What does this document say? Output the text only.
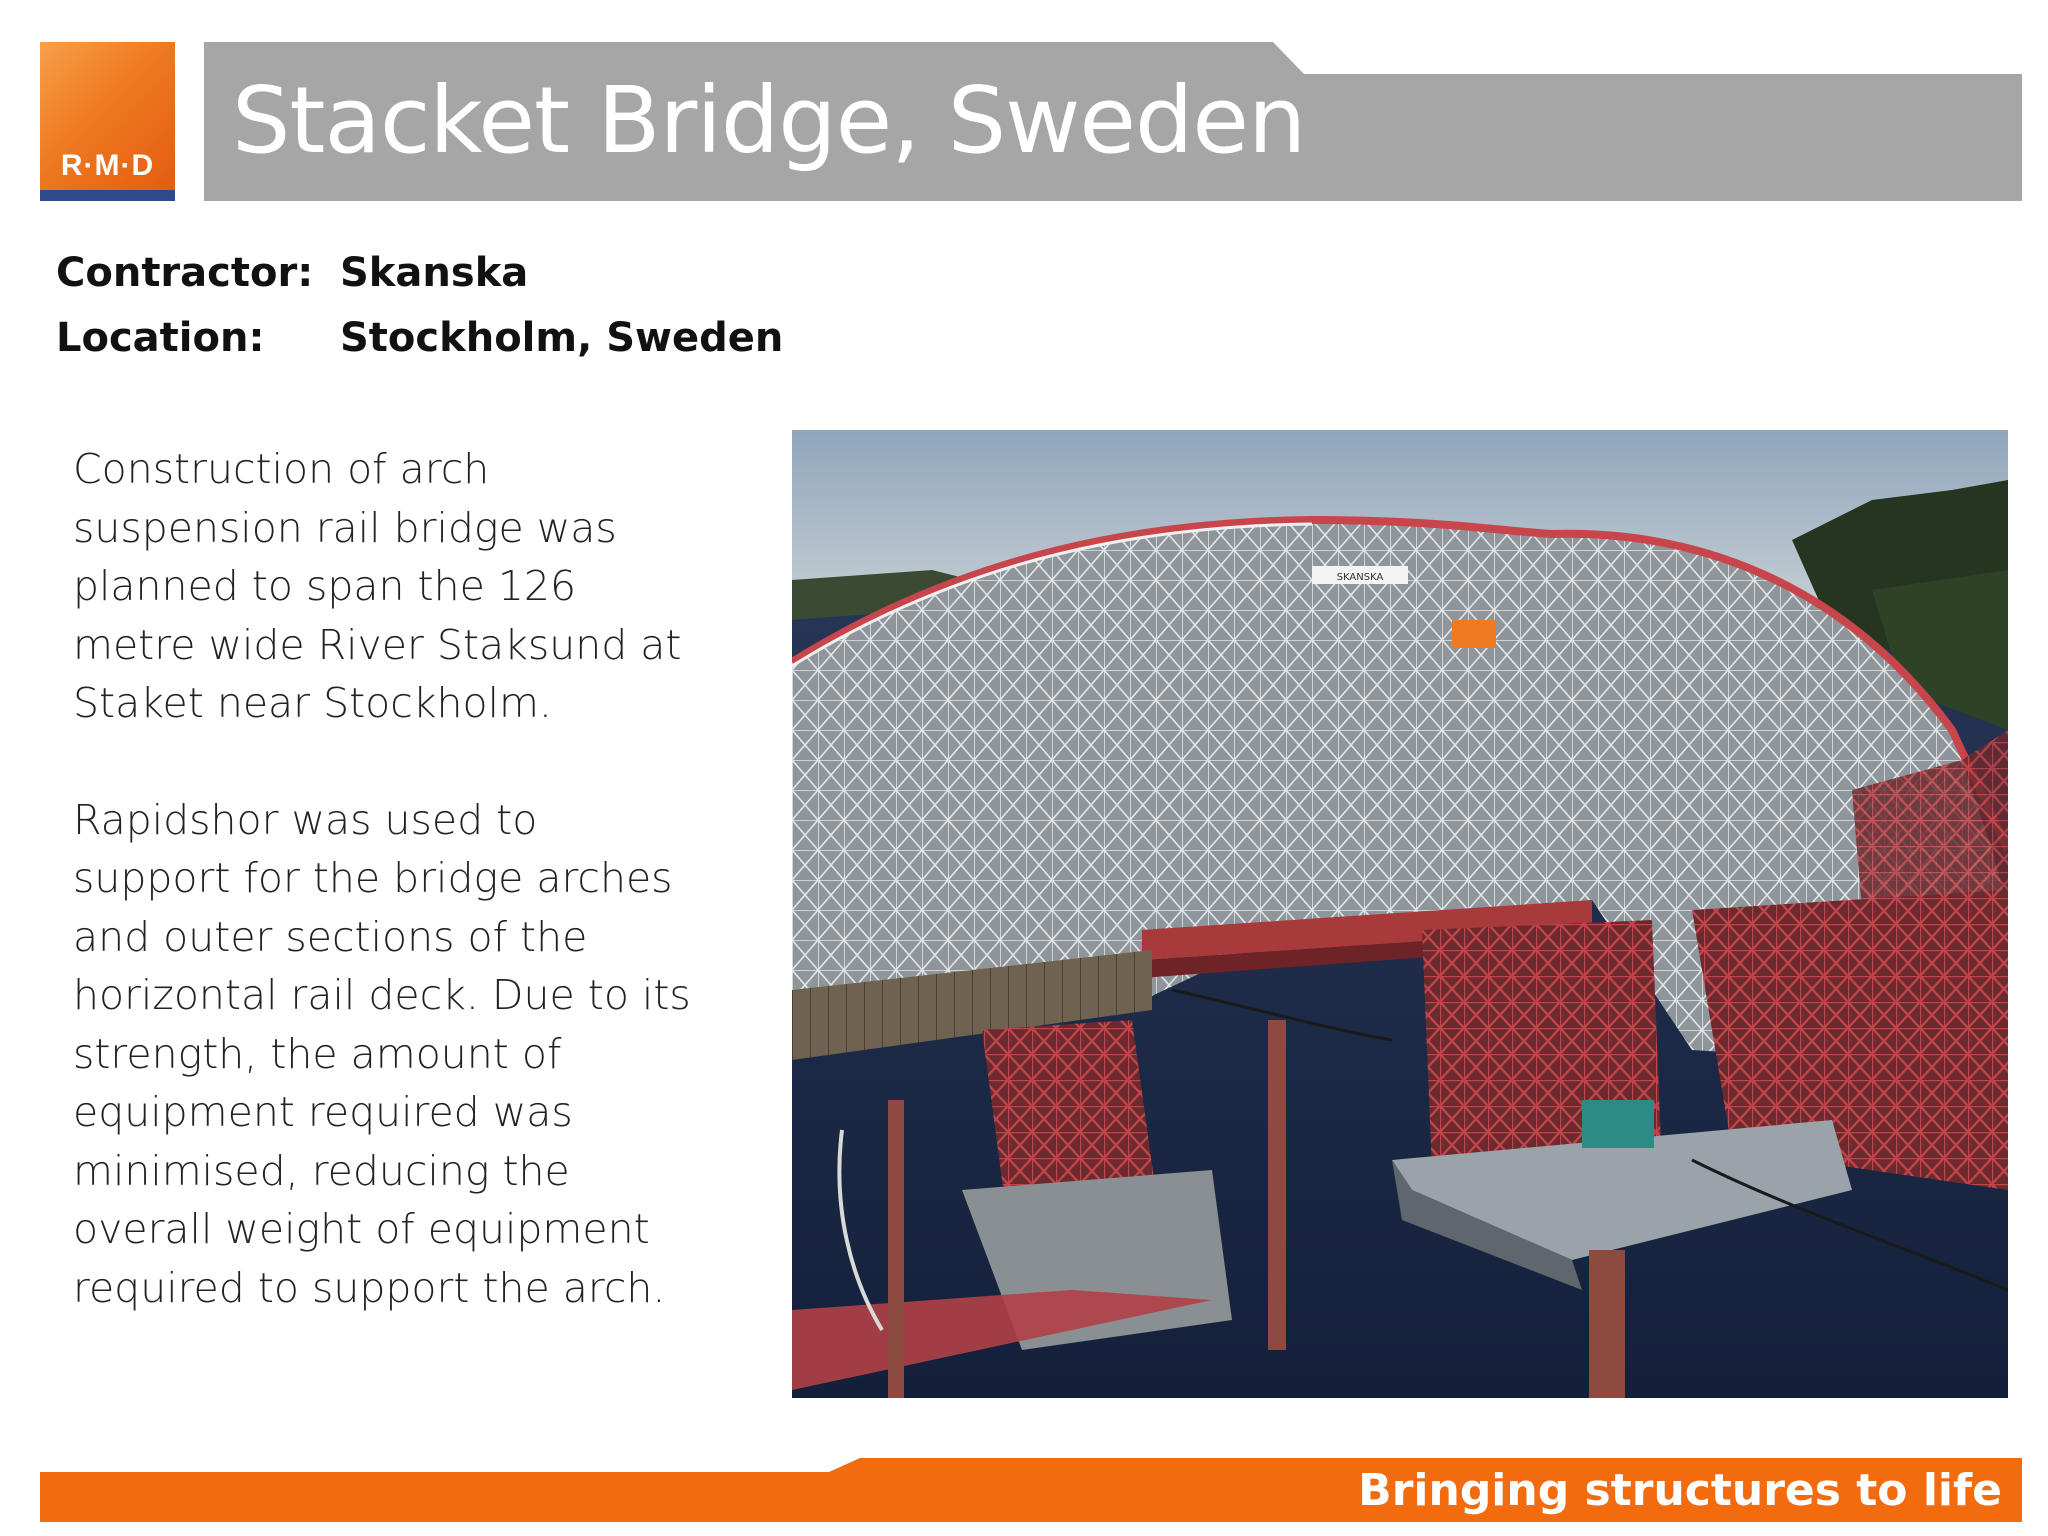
R·M·D Stacket Bridge, Sweden
Contractor: Skanska
Location: Stockholm, Sweden

Construction of arch suspension rail bridge was planned to span the 126 metre wide River Staksund at Staket near Stockholm.

Rapidshor was used to support for the bridge arches and outer sections of the horizontal rail deck. Due to its strength, the amount of equipment required was minimised, reducing the overall weight of equipment required to support the arch.

SKANSKA
Bringing structures to life
